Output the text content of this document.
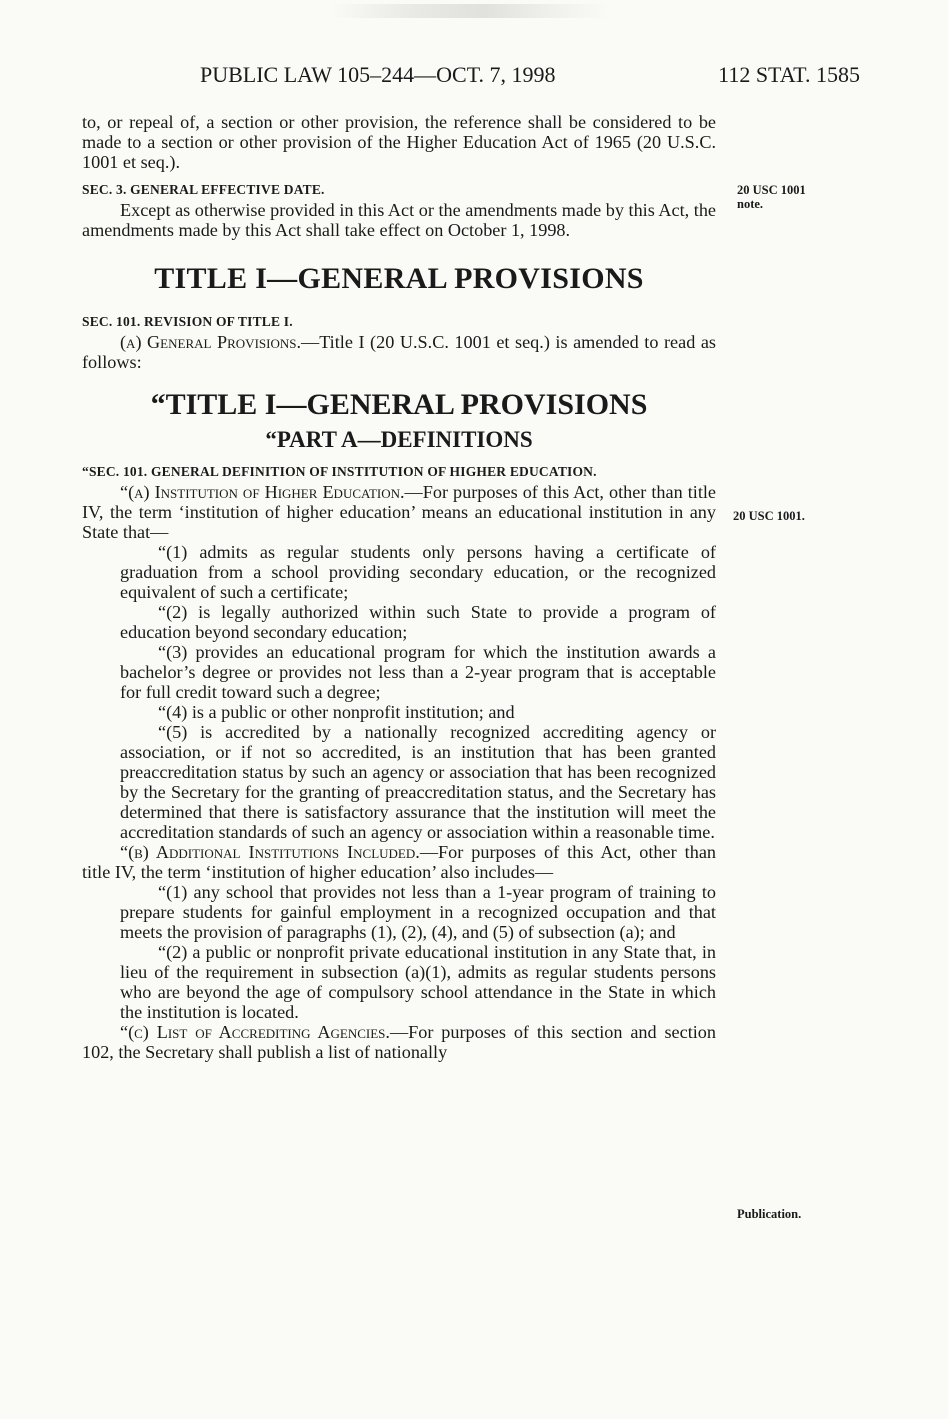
PUBLIC LAW 105–244—OCT. 7, 1998	112 STAT. 1585
20 USC 1001
note.
20 USC 1001.
Publication.

to, or repeal of, a section or other provision, the reference shall be considered to be made to a section or other provision of the Higher Education Act of 1965 (20 U.S.C. 1001 et seq.).

SEC. 3. GENERAL EFFECTIVE DATE.

Except as otherwise provided in this Act or the amendments made by this Act, the amendments made by this Act shall take effect on October 1, 1998.

TITLE I—GENERAL PROVISIONS

SEC. 101. REVISION OF TITLE I.

(a) General Provisions.—Title I (20 U.S.C. 1001 et seq.) is amended to read as follows:

“TITLE I—GENERAL PROVISIONS

“PART A—DEFINITIONS

“SEC. 101. GENERAL DEFINITION OF INSTITUTION OF HIGHER EDUCATION.

“(a) Institution of Higher Education.—For purposes of this Act, other than title IV, the term ‘institution of higher education’ means an educational institution in any State that—

“(1) admits as regular students only persons having a certificate of graduation from a school providing secondary education, or the recognized equivalent of such a certificate;

“(2) is legally authorized within such State to provide a program of education beyond secondary education;

“(3) provides an educational program for which the institution awards a bachelor’s degree or provides not less than a 2-year program that is acceptable for full credit toward such a degree;

“(4) is a public or other nonprofit institution; and

“(5) is accredited by a nationally recognized accrediting agency or association, or if not so accredited, is an institution that has been granted preaccreditation status by such an agency or association that has been recognized by the Secretary for the granting of preaccreditation status, and the Secretary has determined that there is satisfactory assurance that the institution will meet the accreditation standards of such an agency or association within a reasonable time.

“(b) Additional Institutions Included.—For purposes of this Act, other than title IV, the term ‘institution of higher education’ also includes—

“(1) any school that provides not less than a 1-year program of training to prepare students for gainful employment in a recognized occupation and that meets the provision of paragraphs (1), (2), (4), and (5) of subsection (a); and

“(2) a public or nonprofit private educational institution in any State that, in lieu of the requirement in subsection (a)(1), admits as regular students persons who are beyond the age of compulsory school attendance in the State in which the institution is located.

“(c) List of Accrediting Agencies.—For purposes of this section and section 102, the Secretary shall publish a list of nationally
